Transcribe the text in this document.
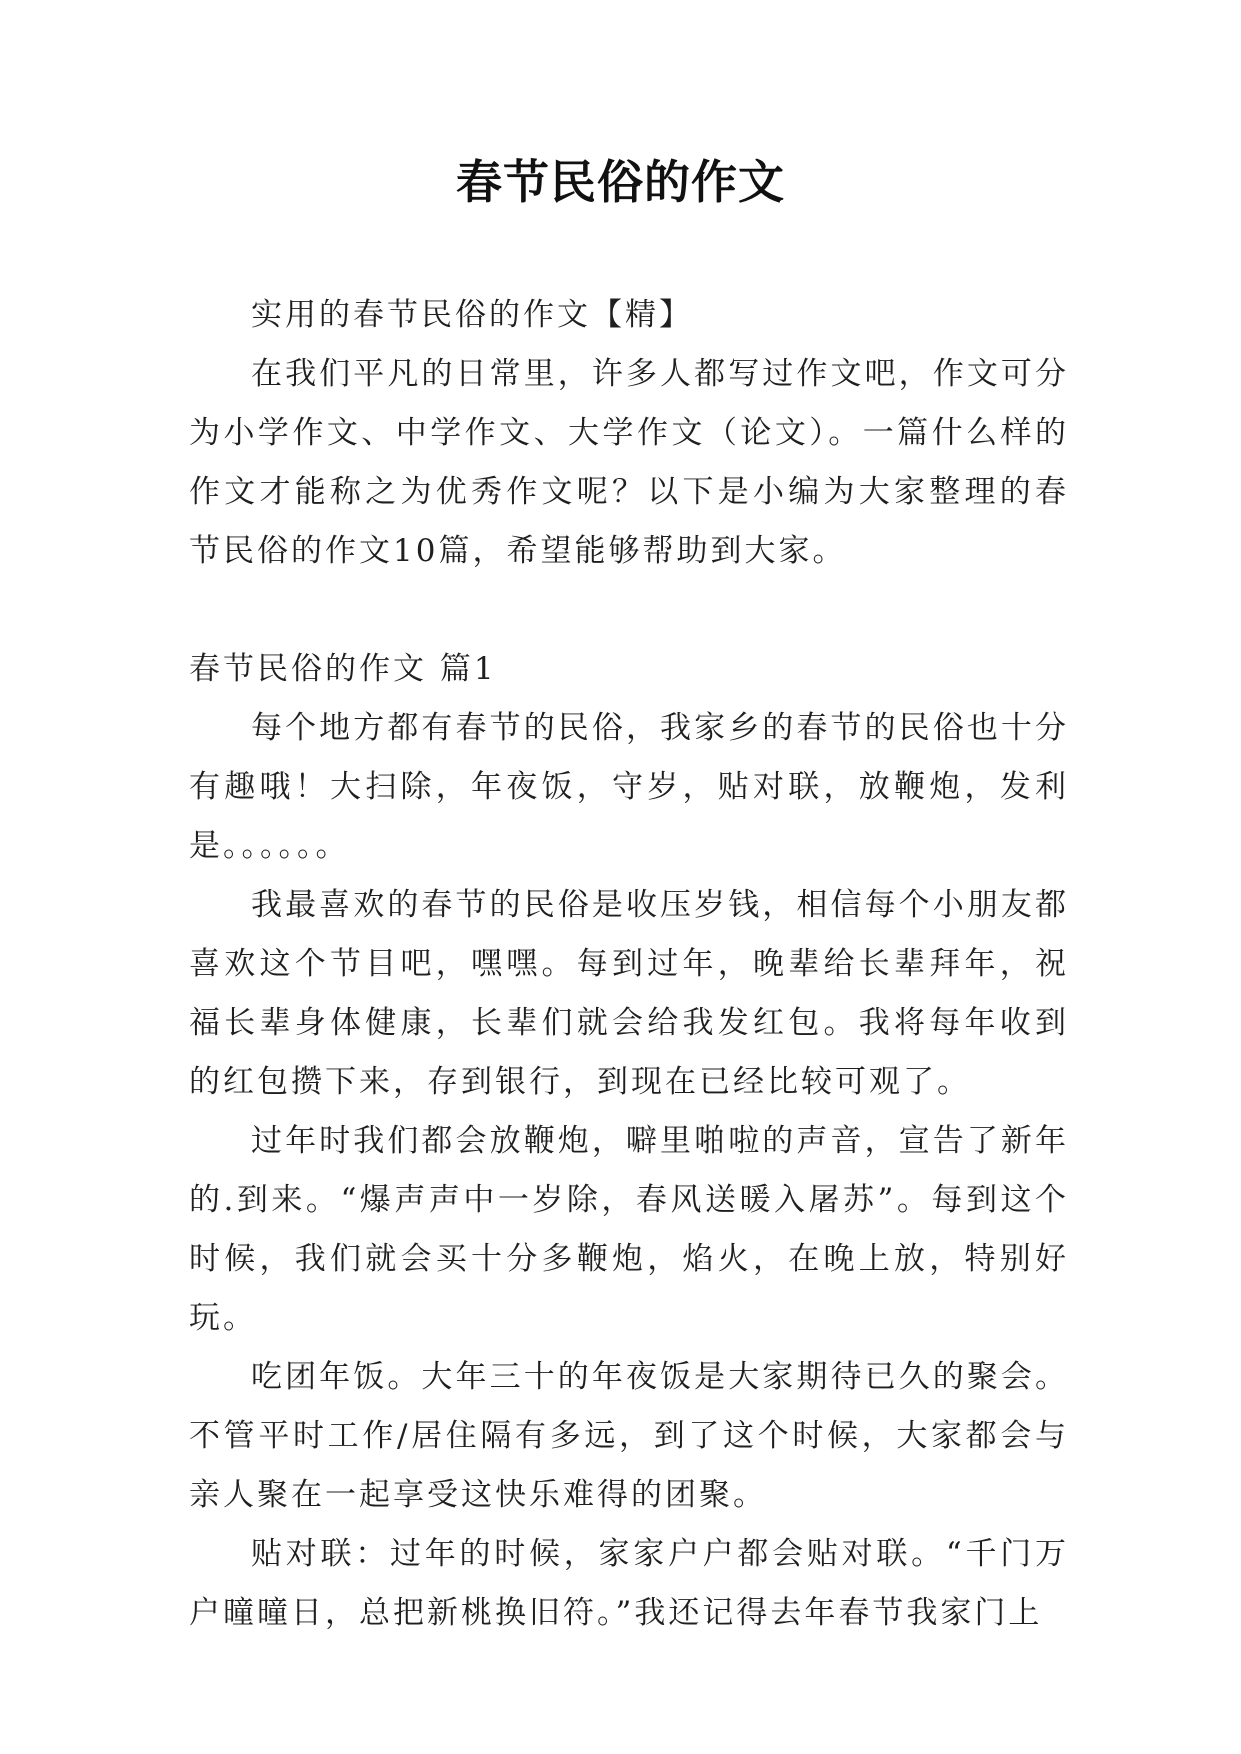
春节民俗的作文

实用的春节民俗的作文【精】

在我们平凡的日常里，许多人都写过作文吧，作文可分为小学作文、中学作文、大学作文（论文）。一篇什么样的作文才能称之为优秀作文呢？以下是小编为大家整理的春节民俗的作文10篇，希望能够帮助到大家。

春节民俗的作文 篇1

每个地方都有春节的民俗，我家乡的春节的民俗也十分有趣哦！大扫除，年夜饭，守岁，贴对联，放鞭炮，发利是。。。。。。

我最喜欢的春节的民俗是收压岁钱，相信每个小朋友都喜欢这个节目吧，嘿嘿。每到过年，晚辈给长辈拜年，祝福长辈身体健康，长辈们就会给我发红包。我将每年收到的红包攒下来，存到银行，到现在已经比较可观了。

过年时我们都会放鞭炮，噼里啪啦的声音，宣告了新年的.到来。“爆声声中一岁除，春风送暖入屠苏”。每到这个时候，我们就会买十分多鞭炮，焰火，在晚上放，特别好玩。

吃团年饭。大年三十的年夜饭是大家期待已久的聚会。不管平时工作/居住隔有多远，到了这个时候，大家都会与亲人聚在一起享受这快乐难得的团聚。

贴对联：过年的时候，家家户户都会贴对联。“千门万户曈曈日，总把新桃换旧符。”我还记得去年春节我家门上
